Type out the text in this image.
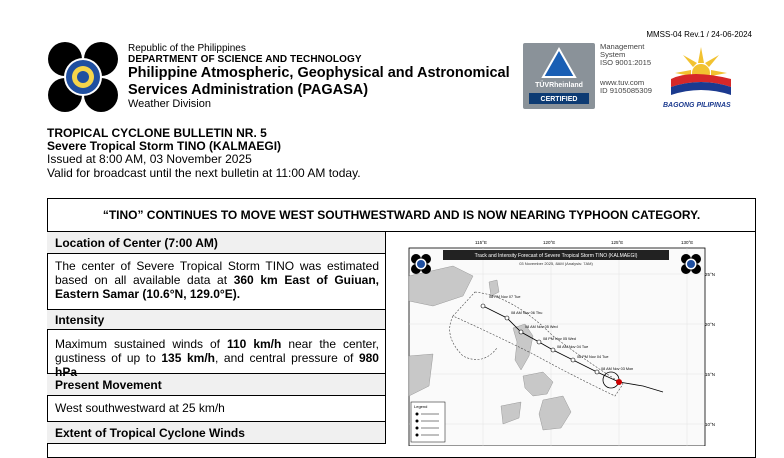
MMSS-04 Rev.1 / 24-06-2024
Republic of the Philippines
DEPARTMENT OF SCIENCE AND TECHNOLOGY
Philippine Atmospheric, Geophysical and Astronomical
Services Administration (PAGASA)
Weather Division
TÜVRheinland
CERTIFIED
Management
System
ISO 9001:2015
www.tuv.com
ID 9105085309
BAGONG PILIPINAS
TROPICAL CYCLONE BULLETIN NR. 5
Severe Tropical Storm TINO (KALMAEGI)
Issued at 8:00 AM, 03 November 2025
Valid for broadcast until the next bulletin at 11:00 AM today.
“TINO” CONTINUES TO MOVE WEST SOUTHWESTWARD AND IS NOW NEARING TYPHOON CATEGORY.
Location of Center (7:00 AM)
The center of Severe Tropical Storm TINO was estimated based on all available data at 360 km East of Guiuan, Eastern Samar (10.6°N, 129.0°E).
Intensity
Maximum sustained winds of 110 km/h near the center, gustiness of up to 135 km/h, and central pressure of 980 hPa
Present Movement
West southwestward at 25 km/h
Extent of Tropical Cyclone Winds
115°E	120°E	125°E	130°E
25°N
20°N
15°N
10°N
Track and Intensity Forecast of Severe Tropical Storm TINO (KALMAEGI)
03 November 2025, 8AM (Analysis: 7AM)
08 PM Nov 07 Tue
08 AM Nov 06 Thu
08 AM Nov 05 Wed
08 PM Nov 05 Wed
08 AM Nov 04 Tue
08 PM Nov 04 Tue
08 AM Nov 03 Mon
Legend
